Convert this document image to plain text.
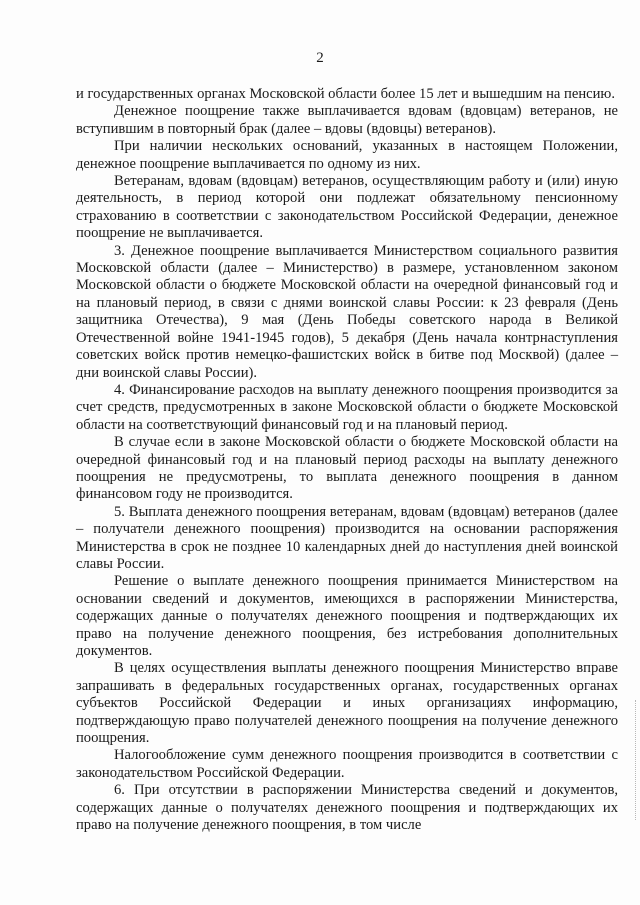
2

и государственных органах Московской области более 15 лет и вышедшим на пенсию.

Денежное поощрение также выплачивается вдовам (вдовцам) ветеранов, не вступившим в повторный брак (далее – вдовы (вдовцы) ветеранов).

При наличии нескольких оснований, указанных в настоящем Положении, денежное поощрение выплачивается по одному из них.

Ветеранам, вдовам (вдовцам) ветеранов, осуществляющим работу и (или) иную деятельность, в период которой они подлежат обязательному пенсионному страхованию в соответствии с законодательством Российской Федерации, денежное поощрение не выплачивается.

3. Денежное поощрение выплачивается Министерством социального развития Московской области (далее – Министерство) в размере, установленном законом Московской области о бюджете Московской области на очередной финансовый год и на плановый период, в связи с днями воинской славы России: к 23 февраля (День защитника Отечества), 9 мая (День Победы советского народа в Великой Отечественной войне 1941-1945 годов), 5 декабря (День начала контрнаступления советских войск против немецко-фашистских войск в битве под Москвой) (далее – дни воинской славы России).

4. Финансирование расходов на выплату денежного поощрения производится за счет средств, предусмотренных в законе Московской области о бюджете Московской области на соответствующий финансовый год и на плановый период.

В случае если в законе Московской области о бюджете Московской области на очередной финансовый год и на плановый период расходы на выплату денежного поощрения не предусмотрены, то выплата денежного поощрения в данном финансовом году не производится.

5. Выплата денежного поощрения ветеранам, вдовам (вдовцам) ветеранов (далее – получатели денежного поощрения) производится на основании распоряжения Министерства в срок не позднее 10 календарных дней до наступления дней воинской славы России.

Решение о выплате денежного поощрения принимается Министерством на основании сведений и документов, имеющихся в распоряжении Министерства, содержащих данные о получателях денежного поощрения и подтверждающих их право на получение денежного поощрения, без истребования дополнительных документов.

В целях осуществления выплаты денежного поощрения Министерство вправе запрашивать в федеральных государственных органах, государственных органах субъектов Российской Федерации и иных организациях информацию, подтверждающую право получателей денежного поощрения на получение денежного поощрения.

Налогообложение сумм денежного поощрения производится в соответствии с законодательством Российской Федерации.

6. При отсутствии в распоряжении Министерства сведений и документов, содержащих данные о получателях денежного поощрения и подтверждающих их право на получение денежного поощрения, в том числе
